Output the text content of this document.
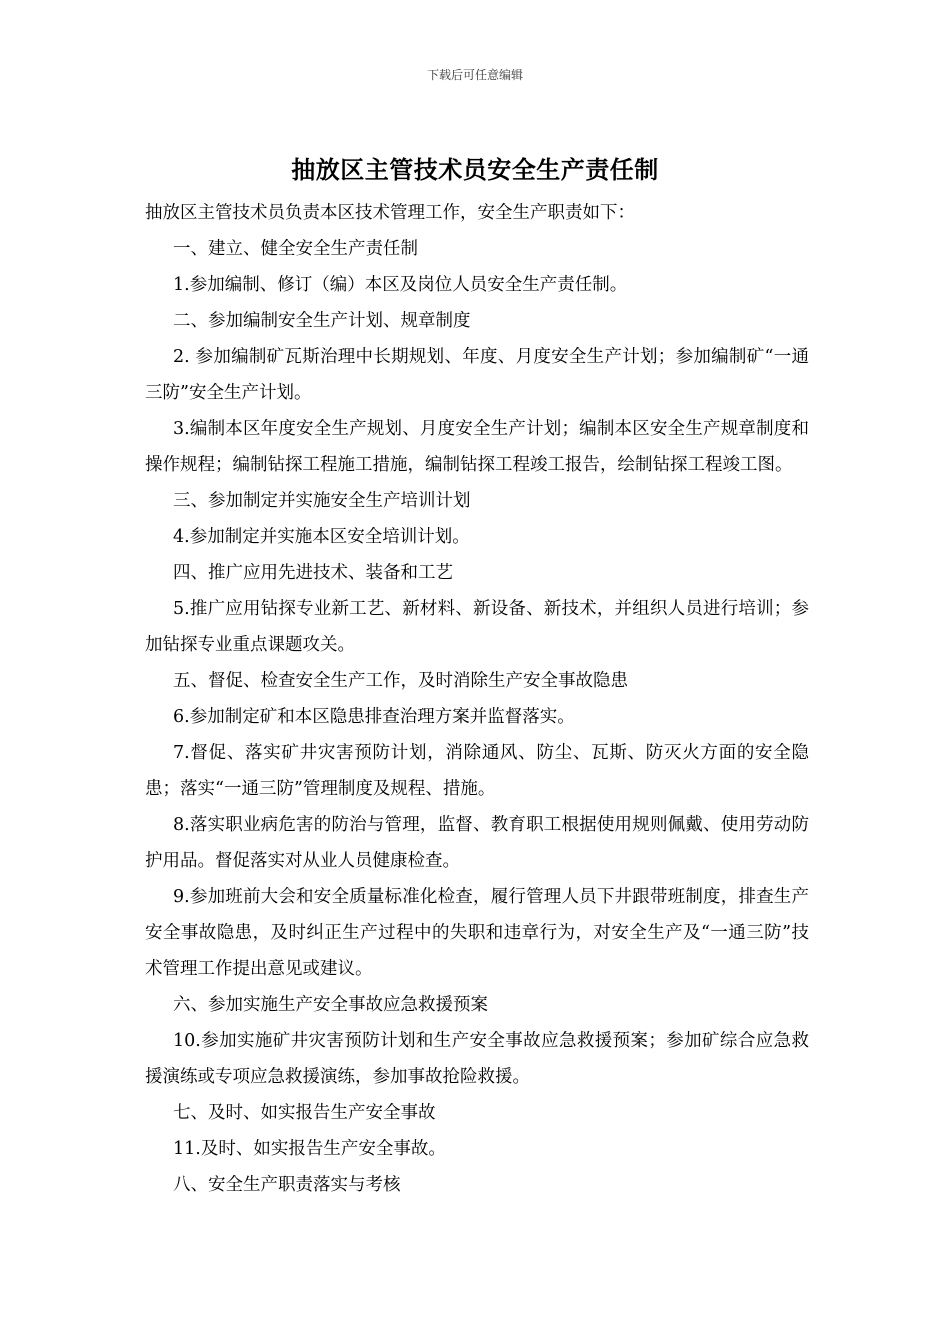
下载后可任意编辑
抽放区主管技术员安全生产责任制

抽放区主管技术员负责本区技术管理工作，安全生产职责如下：

一、建立、健全安全生产责任制

1.参加编制、修订（编）本区及岗位人员安全生产责任制。

二、参加编制安全生产计划、规章制度

2. 参加编制矿瓦斯治理中长期规划、年度、月度安全生产计划；参加编制矿“一通三防”安全生产计划。

3.编制本区年度安全生产规划、月度安全生产计划；编制本区安全生产规章制度和操作规程；编制钻探工程施工措施，编制钻探工程竣工报告，绘制钻探工程竣工图。

三、参加制定并实施安全生产培训计划

4.参加制定并实施本区安全培训计划。

四、推广应用先进技术、装备和工艺

5.推广应用钻探专业新工艺、新材料、新设备、新技术，并组织人员进行培训；参加钻探专业重点课题攻关。

五、督促、检查安全生产工作，及时消除生产安全事故隐患

6.参加制定矿和本区隐患排查治理方案并监督落实。

7.督促、落实矿井灾害预防计划，消除通风、防尘、瓦斯、防灭火方面的安全隐患；落实“一通三防”管理制度及规程、措施。

8.落实职业病危害的防治与管理，监督、教育职工根据使用规则佩戴、使用劳动防护用品。督促落实对从业人员健康检查。

9.参加班前大会和安全质量标准化检查，履行管理人员下井跟带班制度，排查生产安全事故隐患，及时纠正生产过程中的失职和违章行为，对安全生产及“一通三防”技术管理工作提出意见或建议。

六、参加实施生产安全事故应急救援预案

10.参加实施矿井灾害预防计划和生产安全事故应急救援预案；参加矿综合应急救援演练或专项应急救援演练，参加事故抢险救援。

七、及时、如实报告生产安全事故

11.及时、如实报告生产安全事故。

八、安全生产职责落实与考核
